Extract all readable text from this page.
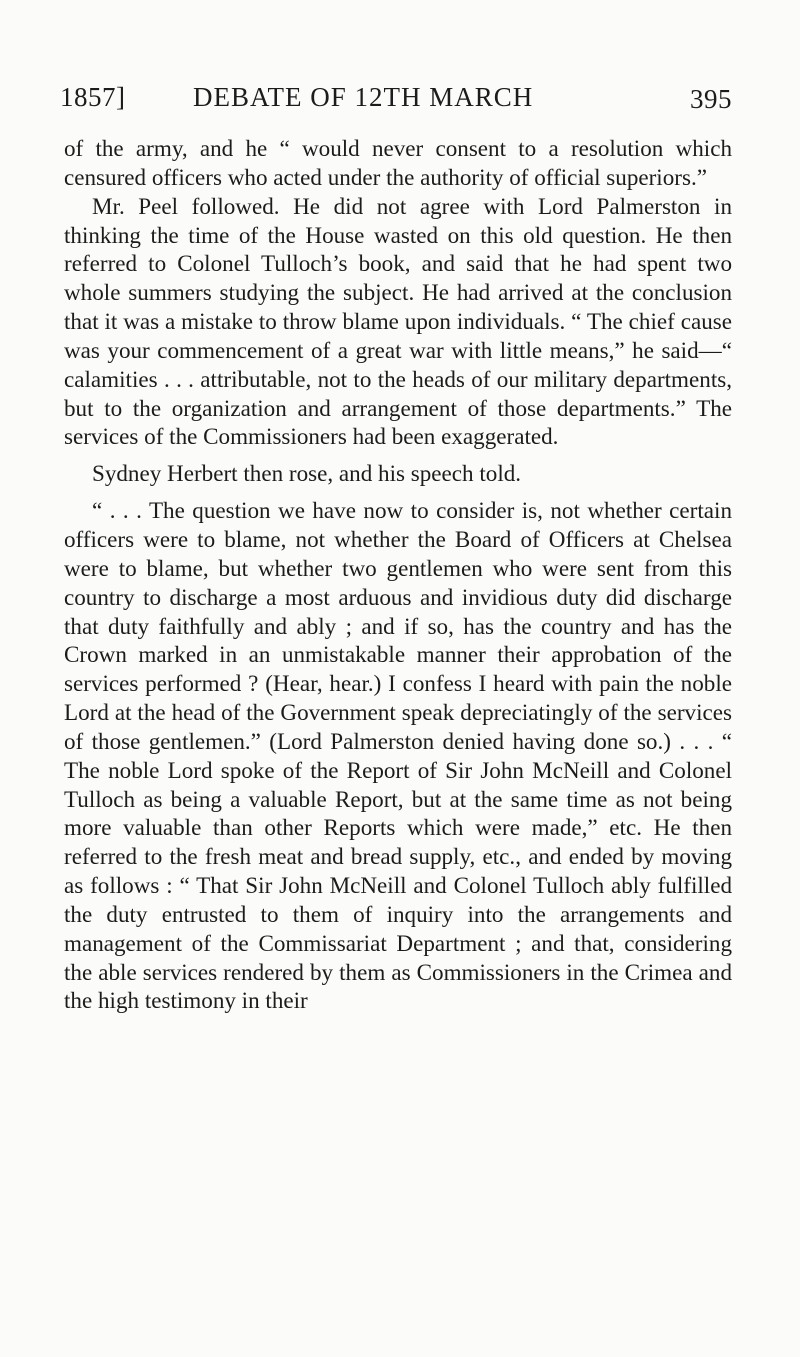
1857]	DEBATE OF 12TH MARCH	395

of the army, and he “ would never consent to a resolution which censured officers who acted under the authority of official superiors.”

Mr. Peel followed. He did not agree with Lord Palmerston in thinking the time of the House wasted on this old question. He then referred to Colonel Tulloch’s book, and said that he had spent two whole summers studying the subject. He had arrived at the conclusion that it was a mistake to throw blame upon individuals. “ The chief cause was your commencement of a great war with little means,” he said—“ calamities . . . attributable, not to the heads of our military departments, but to the organization and arrangement of those departments.” The services of the Commissioners had been exaggerated.

Sydney Herbert then rose, and his speech told.

“ . . . The question we have now to consider is, not whether certain officers were to blame, not whether the Board of Officers at Chelsea were to blame, but whether two gentlemen who were sent from this country to discharge a most arduous and invidious duty did discharge that duty faithfully and ably ; and if so, has the country and has the Crown marked in an unmistakable manner their approbation of the services performed ? (Hear, hear.) I confess I heard with pain the noble Lord at the head of the Government speak depreciatingly of the services of those gentlemen.” (Lord Palmerston denied having done so.) . . . “ The noble Lord spoke of the Report of Sir John McNeill and Colonel Tulloch as being a valuable Report, but at the same time as not being more valuable than other Reports which were made,” etc. He then referred to the fresh meat and bread supply, etc., and ended by moving as follows : “ That Sir John McNeill and Colonel Tulloch ably fulfilled the duty entrusted to them of inquiry into the arrangements and management of the Commissariat Department ; and that, considering the able services rendered by them as Commissioners in the Crimea and the high testimony in their
